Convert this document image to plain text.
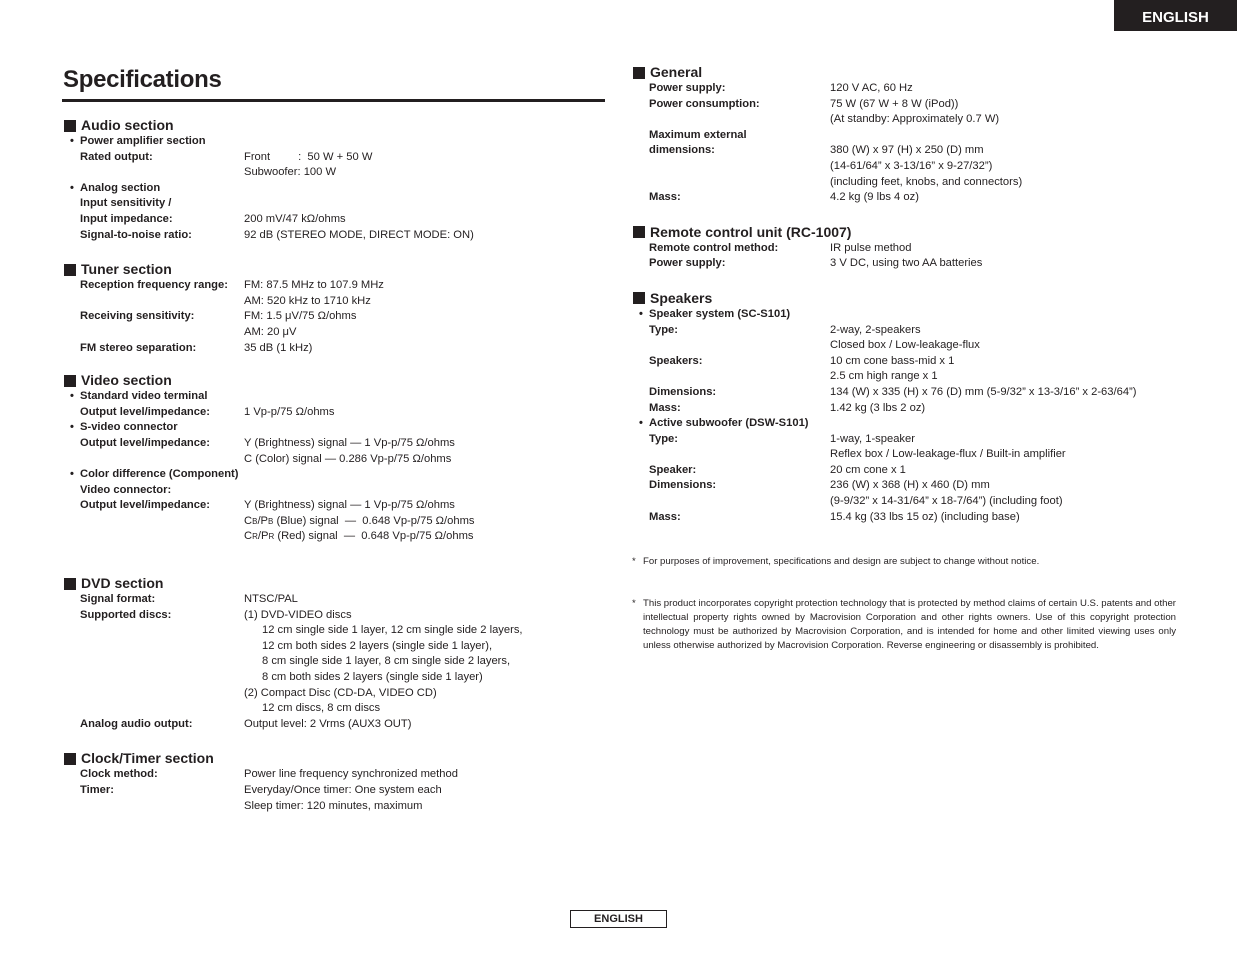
ENGLISH
Specifications
Audio section
• Power amplifier section
Rated output:	Front         :  50 W + 50 W
Subwoofer: 100 W
• Analog section
Input sensitivity /
Input impedance:	200 mV/47 kΩ/ohms
Signal-to-noise ratio:	92 dB (STEREO MODE, DIRECT MODE: ON)
Tuner section
Reception frequency range:	FM: 87.5 MHz to 107.9 MHz
AM: 520 kHz to 1710 kHz
Receiving sensitivity:	FM: 1.5 μV/75 Ω/ohms
AM: 20 μV
FM stereo separation:	35 dB (1 kHz)
Video section
• Standard video terminal
Output level/impedance:	1 Vp-p/75 Ω/ohms
• S-video connector
Output level/impedance:	Y (Brightness) signal — 1 Vp-p/75 Ω/ohms
C (Color) signal — 0.286 Vp-p/75 Ω/ohms
• Color difference (Component)
Video connector:
Output level/impedance:	Y (Brightness) signal — 1 Vp-p/75 Ω/ohms
CB/PB (Blue) signal  —  0.648 Vp-p/75 Ω/ohms
CR/PR (Red) signal  —  0.648 Vp-p/75 Ω/ohms
DVD section
Signal format:	NTSC/PAL
Supported discs:	(1) DVD-VIDEO discs
12 cm single side 1 layer, 12 cm single side 2 layers,
12 cm both sides 2 layers (single side 1 layer),
8 cm single side 1 layer, 8 cm single side 2 layers,
8 cm both sides 2 layers (single side 1 layer)
(2) Compact Disc (CD-DA, VIDEO CD)
12 cm discs, 8 cm discs
Analog audio output:	Output level: 2 Vrms (AUX3 OUT)
Clock/Timer section
Clock method:	Power line frequency synchronized method
Timer:	Everyday/Once timer: One system each
Sleep timer: 120 minutes, maximum
General
Power supply:	120 V AC, 60 Hz
Power consumption:	75 W (67 W + 8 W (iPod))
(At standby: Approximately 0.7 W)
Maximum external
dimensions:	380 (W) x 97 (H) x 250 (D) mm
(14-61/64” x 3-13/16” x 9-27/32”)
(including feet, knobs, and connectors)
Mass:	4.2 kg (9 lbs 4 oz)
Remote control unit (RC-1007)
Remote control method:	IR pulse method
Power supply:	3 V DC, using two AA batteries
Speakers
• Speaker system (SC-S101)
Type:	2-way, 2-speakers
Closed box / Low-leakage-flux
Speakers:	10 cm cone bass-mid x 1
2.5 cm high range x 1
Dimensions:	134 (W) x 335 (H) x 76 (D) mm (5-9/32” x 13-3/16” x 2-63/64”)
Mass:	1.42 kg (3 lbs 2 oz)
• Active subwoofer (DSW-S101)
Type:	1-way, 1-speaker
Reflex box / Low-leakage-flux / Built-in amplifier
Speaker:	20 cm cone x 1
Dimensions:	236 (W) x 368 (H) x 460 (D) mm
(9-9/32” x 14-31/64” x 18-7/64”) (including foot)
Mass:	15.4 kg (33 lbs 15 oz) (including base)
* For purposes of improvement, specifications and design are subject to change without notice.
* This product incorporates copyright protection technology that is protected by method claims of certain U.S. patents and other intellectual property rights owned by Macrovision Corporation and other rights owners. Use of this copyright protection technology must be authorized by Macrovision Corporation, and is intended for home and other limited viewing uses only unless otherwise authorized by Macrovision Corporation. Reverse engineering or disassembly is prohibited.
ENGLISH
